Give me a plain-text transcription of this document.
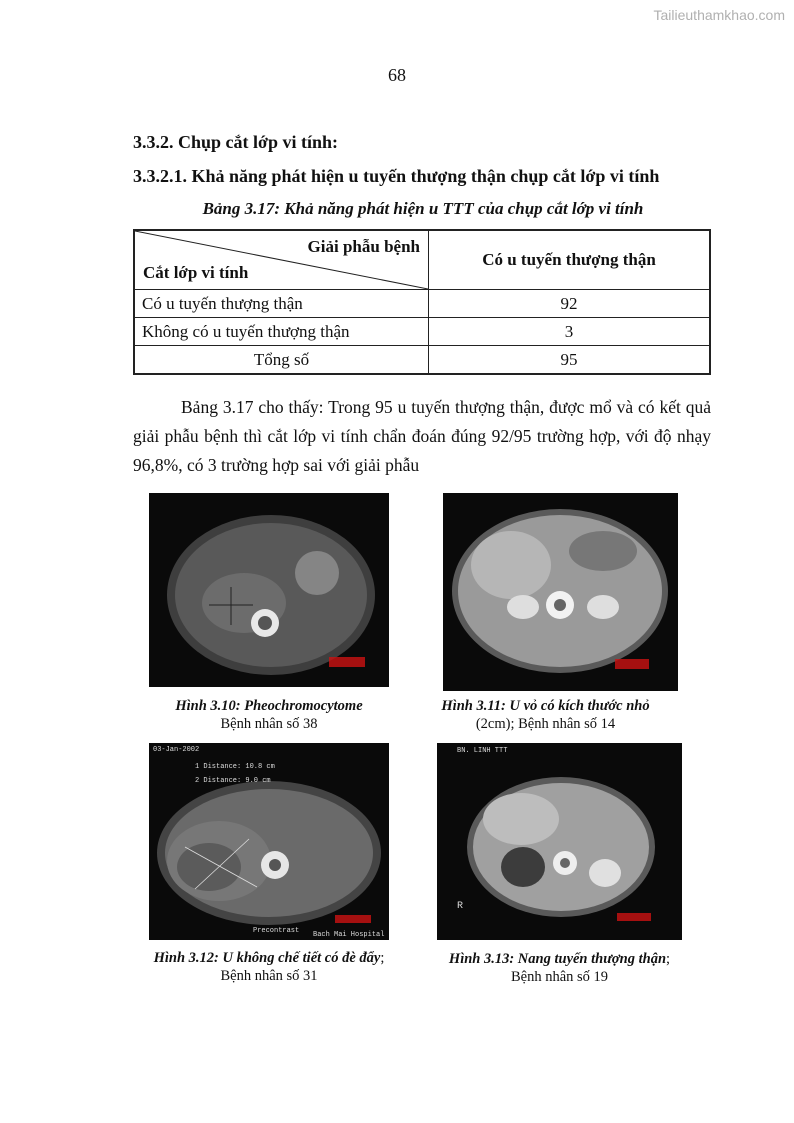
Tailieuthamkhao.com
68
3.3.2. Chụp cắt lớp vi tính:
3.3.2.1. Khả năng phát hiện u tuyến thượng thận chụp cắt lớp vi tính
Bảng 3.17: Khả năng phát hiện u TTT của chụp cắt lớp vi tính
Giải phẫu bệnh
Cắt lớp vi tính	Có u tuyến thượng thận
Có u tuyến thượng thận	92
Không có u tuyến thượng thận	3
Tổng số	95
Bảng 3.17 cho thấy: Trong 95 u tuyến thượng thận, được mổ và có kết quả giải phẫu bệnh thì cắt lớp vi tính chẩn đoán đúng 92/95 trường hợp, với độ nhạy 96,8%, có 3 trường hợp sai với giải phẫu
Hình 3.10: Pheochromocytome
Bệnh nhân số 38
Hình 3.11: U vỏ có kích thước nhỏ (2cm); Bệnh nhân số 14
03-Jan-2002
1 Distance: 10.8 cm
2 Distance: 9.0 cm
Precontrast Bach Mai Hospital
Hình 3.12: U không chế tiết có đè đẩy; Bệnh nhân số 31
BN. LINH TTT
R
Hình 3.13: Nang tuyến thượng thận; Bệnh nhân số 19
